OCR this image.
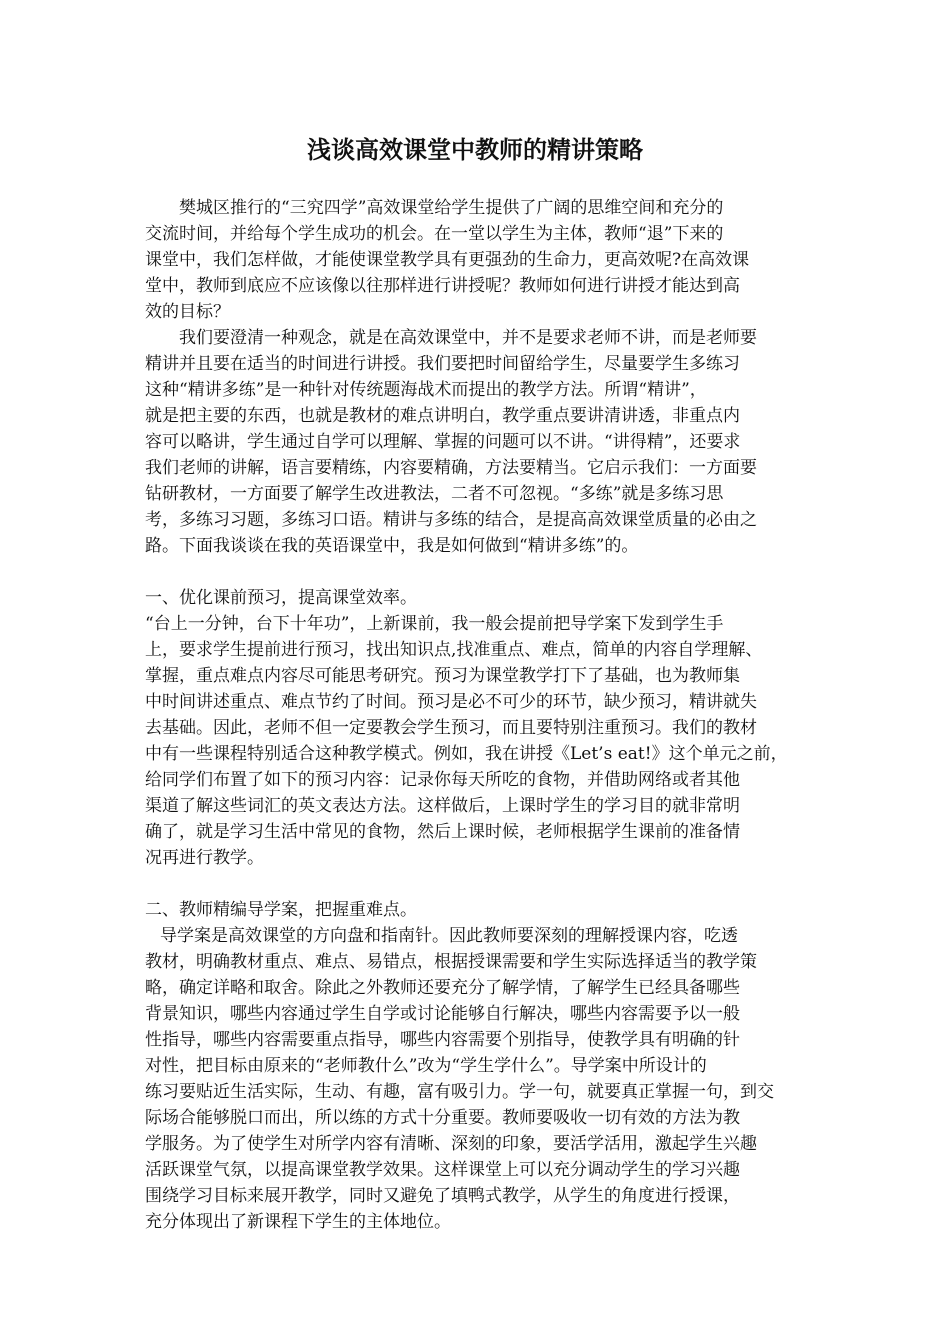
浅谈高效课堂中教师的精讲策略
樊城区推行的“三究四学”高效课堂给学生提供了广阔的思维空间和充分的
交流时间，并给每个学生成功的机会。在一堂以学生为主体，教师“退”下来的
课堂中，我们怎样做，才能使课堂教学具有更强劲的生命力，更高效呢?在高效课
堂中，教师到底应不应该像以往那样进行讲授呢？教师如何进行讲授才能达到高
效的目标？
我们要澄清一种观念，就是在高效课堂中，并不是要求老师不讲，而是老师要
精讲并且要在适当的时间进行讲授。我们要把时间留给学生，尽量要学生多练习
这种“精讲多练”是一种针对传统题海战术而提出的教学方法。所谓“精讲”，
就是把主要的东西，也就是教材的难点讲明白，教学重点要讲清讲透，非重点内
容可以略讲，学生通过自学可以理解、掌握的问题可以不讲。“讲得精”，还要求
我们老师的讲解，语言要精练，内容要精确，方法要精当。它启示我们：一方面要
钻研教材，一方面要了解学生改进教法，二者不可忽视。“多练”就是多练习思
考，多练习习题，多练习口语。精讲与多练的结合，是提高高效课堂质量的必由之
路。下面我谈谈在我的英语课堂中，我是如何做到“精讲多练”的。
一、优化课前预习，提高课堂效率。
“台上一分钟，台下十年功”，上新课前，我一般会提前把导学案下发到学生手
上，要求学生提前进行预习，找出知识点,找准重点、难点，简单的内容自学理解、
掌握，重点难点内容尽可能思考研究。预习为课堂教学打下了基础，也为教师集
中时间讲述重点、难点节约了时间。预习是必不可少的环节，缺少预习，精讲就失
去基础。因此，老师不但一定要教会学生预习，而且要特别注重预习。我们的教材
中有一些课程特别适合这种教学模式。例如，我在讲授《Let’s eat!》这个单元之前，
给同学们布置了如下的预习内容：记录你每天所吃的食物，并借助网络或者其他
渠道了解这些词汇的英文表达方法。这样做后，上课时学生的学习目的就非常明
确了，就是学习生活中常见的食物，然后上课时候，老师根据学生课前的准备情
况再进行教学。
二、教师精编导学案，把握重难点。
导学案是高效课堂的方向盘和指南针。因此教师要深刻的理解授课内容，吃透
教材，明确教材重点、难点、易错点，根据授课需要和学生实际选择适当的教学策
略，确定详略和取舍。除此之外教师还要充分了解学情，了解学生已经具备哪些
背景知识，哪些内容通过学生自学或讨论能够自行解决，哪些内容需要予以一般
性指导，哪些内容需要重点指导，哪些内容需要个别指导，使教学具有明确的针
对性，把目标由原来的“老师教什么”改为“学生学什么”。导学案中所设计的
练习要贴近生活实际，生动、有趣，富有吸引力。学一句，就要真正掌握一句，到交
际场合能够脱口而出，所以练的方式十分重要。教师要吸收一切有效的方法为教
学服务。为了使学生对所学内容有清晰、深刻的印象，要活学活用，激起学生兴趣
活跃课堂气氛，以提高课堂教学效果。这样课堂上可以充分调动学生的学习兴趣
围绕学习目标来展开教学，同时又避免了填鸭式教学，从学生的角度进行授课，
充分体现出了新课程下学生的主体地位。
